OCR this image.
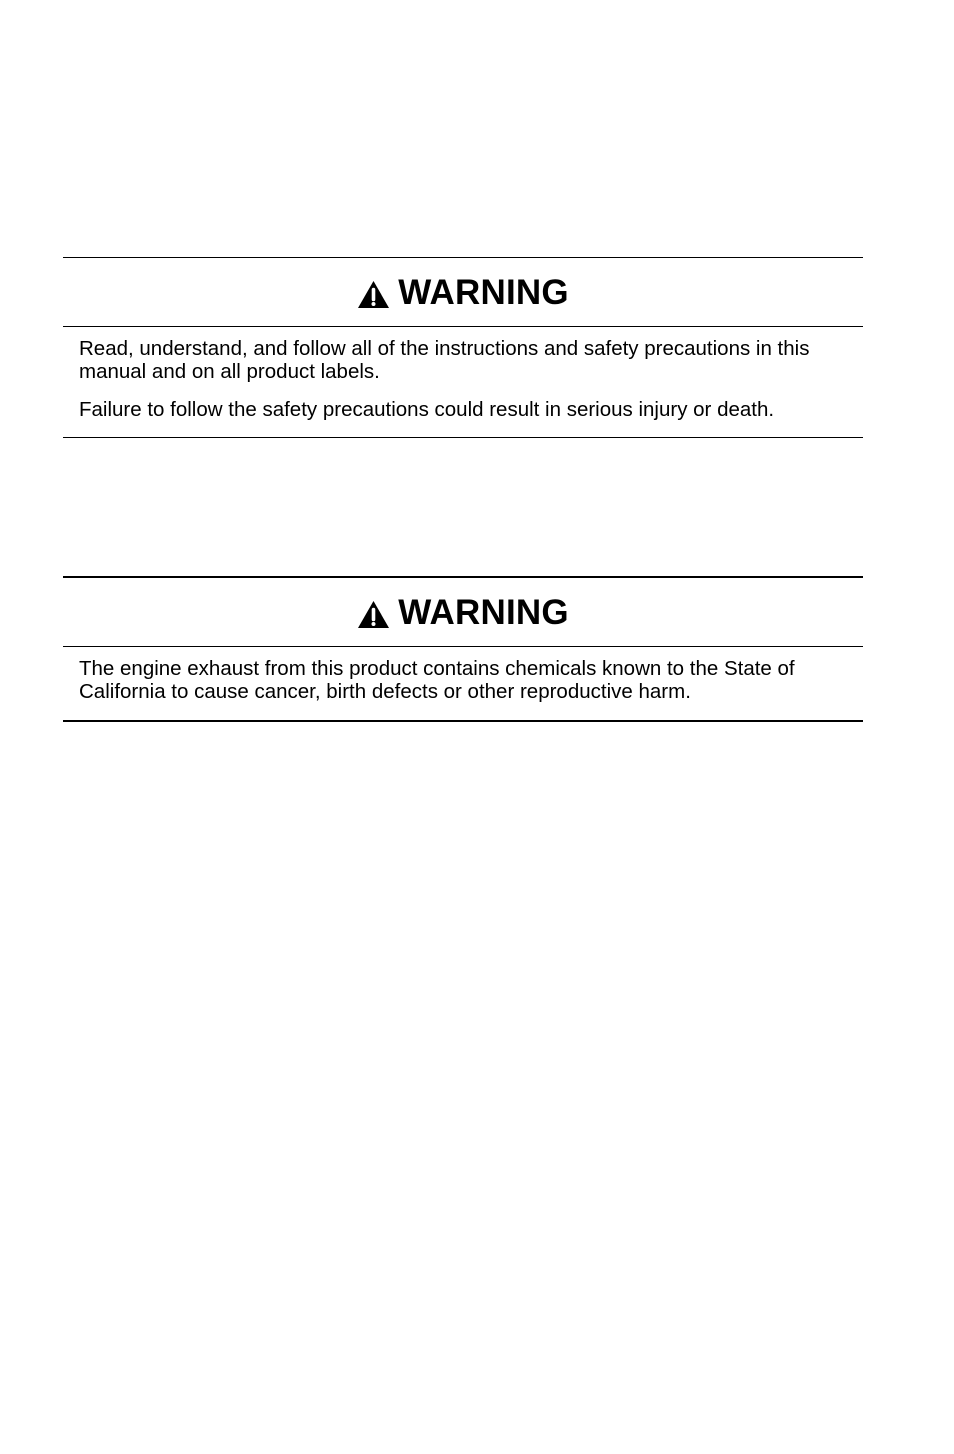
WARNING

Read, understand, and follow all of the instructions and safety precautions in this manual and on all product labels.

Failure to follow the safety precautions could result in serious injury or death.

WARNING

The engine exhaust from this product contains chemicals known to the State of California to cause cancer, birth defects or other reproductive harm.
